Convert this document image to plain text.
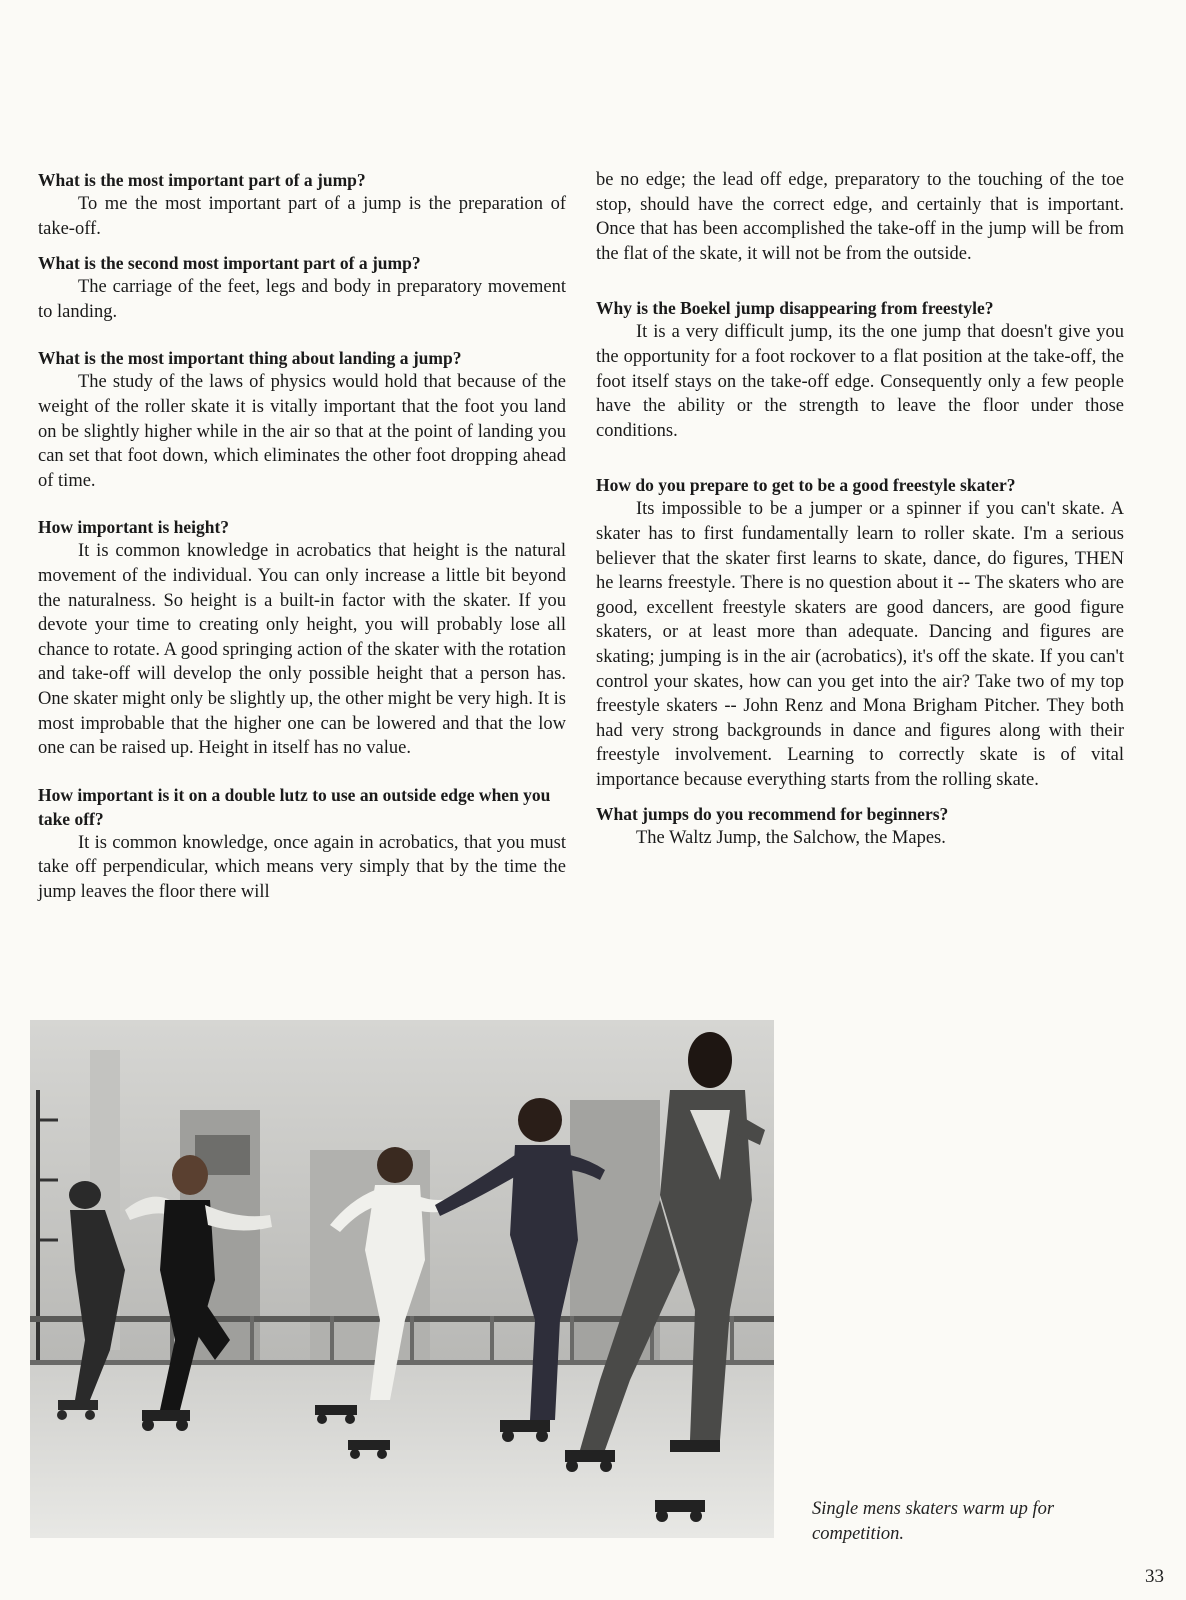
What is the most important part of a jump?

To me the most important part of a jump is the preparation of take-off.

What is the second most important part of a jump?

The carriage of the feet, legs and body in preparatory movement to landing.

What is the most important thing about landing a jump?

The study of the laws of physics would hold that because of the weight of the roller skate it is vitally important that the foot you land on be slightly higher while in the air so that at the point of landing you can set that foot down, which eliminates the other foot dropping ahead of time.

How important is height?

It is common knowledge in acrobatics that height is the natural movement of the individual. You can only increase a little bit beyond the naturalness. So height is a built-in factor with the skater. If you devote your time to creating only height, you will probably lose all chance to rotate. A good springing action of the skater with the rotation and take-off will develop the only possible height that a person has. One skater might only be slightly up, the other might be very high. It is most improbable that the higher one can be lowered and that the low one can be raised up. Height in itself has no value.

How important is it on a double lutz to use an outside edge when you take off?

It is common knowledge, once again in acrobatics, that you must take off perpendicular, which means very simply that by the time the jump leaves the floor there will

be no edge; the lead off edge, preparatory to the touching of the toe stop, should have the correct edge, and certainly that is important. Once that has been accomplished the take-off in the jump will be from the flat of the skate, it will not be from the outside.

Why is the Boekel jump disappearing from freestyle?

It is a very difficult jump, its the one jump that doesn't give you the opportunity for a foot rockover to a flat position at the take-off, the foot itself stays on the take-off edge. Consequently only a few people have the ability or the strength to leave the floor under those conditions.

How do you prepare to get to be a good freestyle skater?

Its impossible to be a jumper or a spinner if you can't skate. A skater has to first fundamentally learn to roller skate. I'm a serious believer that the skater first learns to skate, dance, do figures, THEN he learns freestyle. There is no question about it -- The skaters who are good, excellent freestyle skaters are good dancers, are good figure skaters, or at least more than adequate. Dancing and figures are skating; jumping is in the air (acrobatics), it's off the skate. If you can't control your skates, how can you get into the air? Take two of my top freestyle skaters -- John Renz and Mona Brigham Pitcher. They both had very strong backgrounds in dance and figures along with their freestyle involvement. Learning to correctly skate is of vital importance because everything starts from the rolling skate.

What jumps do you recommend for beginners?

The Waltz Jump, the Salchow, the Mapes.

Single mens skaters warm up for competition.
33
